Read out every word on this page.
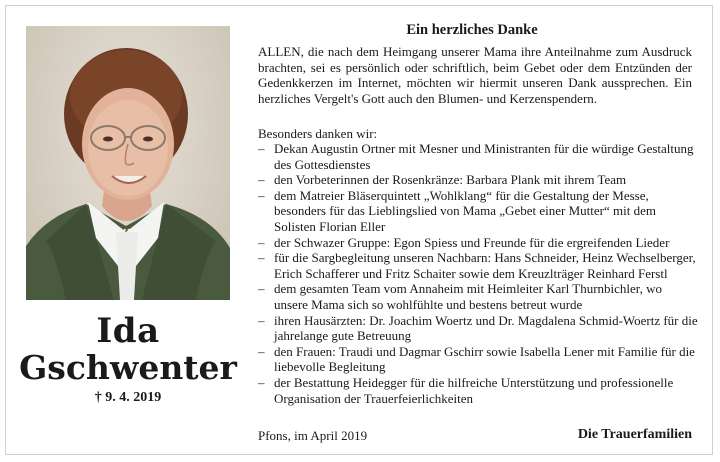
Ida
Gschwenter
† 9. 4. 2019
Ein herzliches Danke
ALLEN, die nach dem Heimgang unserer Mama ihre Anteilnahme zum Ausdruck brachten, sei es persönlich oder schriftlich, beim Gebet oder dem Entzünden der Gedenkkerzen im Internet, möchten wir hiermit unseren Dank aussprechen. Ein herzliches Vergelt's Gott auch den Blumen- und Kerzenspendern.
Besonders danken wir:
– Dekan Augustin Ortner mit Mesner und Ministranten für die würdige Gestaltung des Gottesdienstes
– den Vorbeterinnen der Rosenkränze: Barbara Plank mit ihrem Team
– dem Matreier Bläserquintett „Wohlklang“ für die Gestaltung der Messe, besonders für das Lieblingslied von Mama „Gebet einer Mutter“ mit dem Solisten Florian Eller
– der Schwazer Gruppe: Egon Spiess und Freunde für die ergreifenden Lieder
– für die Sargbegleitung unseren Nachbarn: Hans Schneider, Heinz Wechselberger, Erich Schafferer und Fritz Schaiter sowie dem Kreuzlträger Reinhard Ferstl
– dem gesamten Team vom Annaheim mit Heimleiter Karl Thurnbichler, wo unsere Mama sich so wohlfühlte und bestens betreut wurde
– ihren Hausärzten: Dr. Joachim Woertz und Dr. Magdalena Schmid-Woertz für die jahrelange gute Betreuung
– den Frauen: Traudi und Dagmar Gschirr sowie Isabella Lener mit Familie für die liebevolle Begleitung
– der Bestattung Heidegger für die hilfreiche Unterstützung und professionelle Organisation der Trauerfeierlichkeiten
Pfons, im April 2019	Die Trauerfamilien
